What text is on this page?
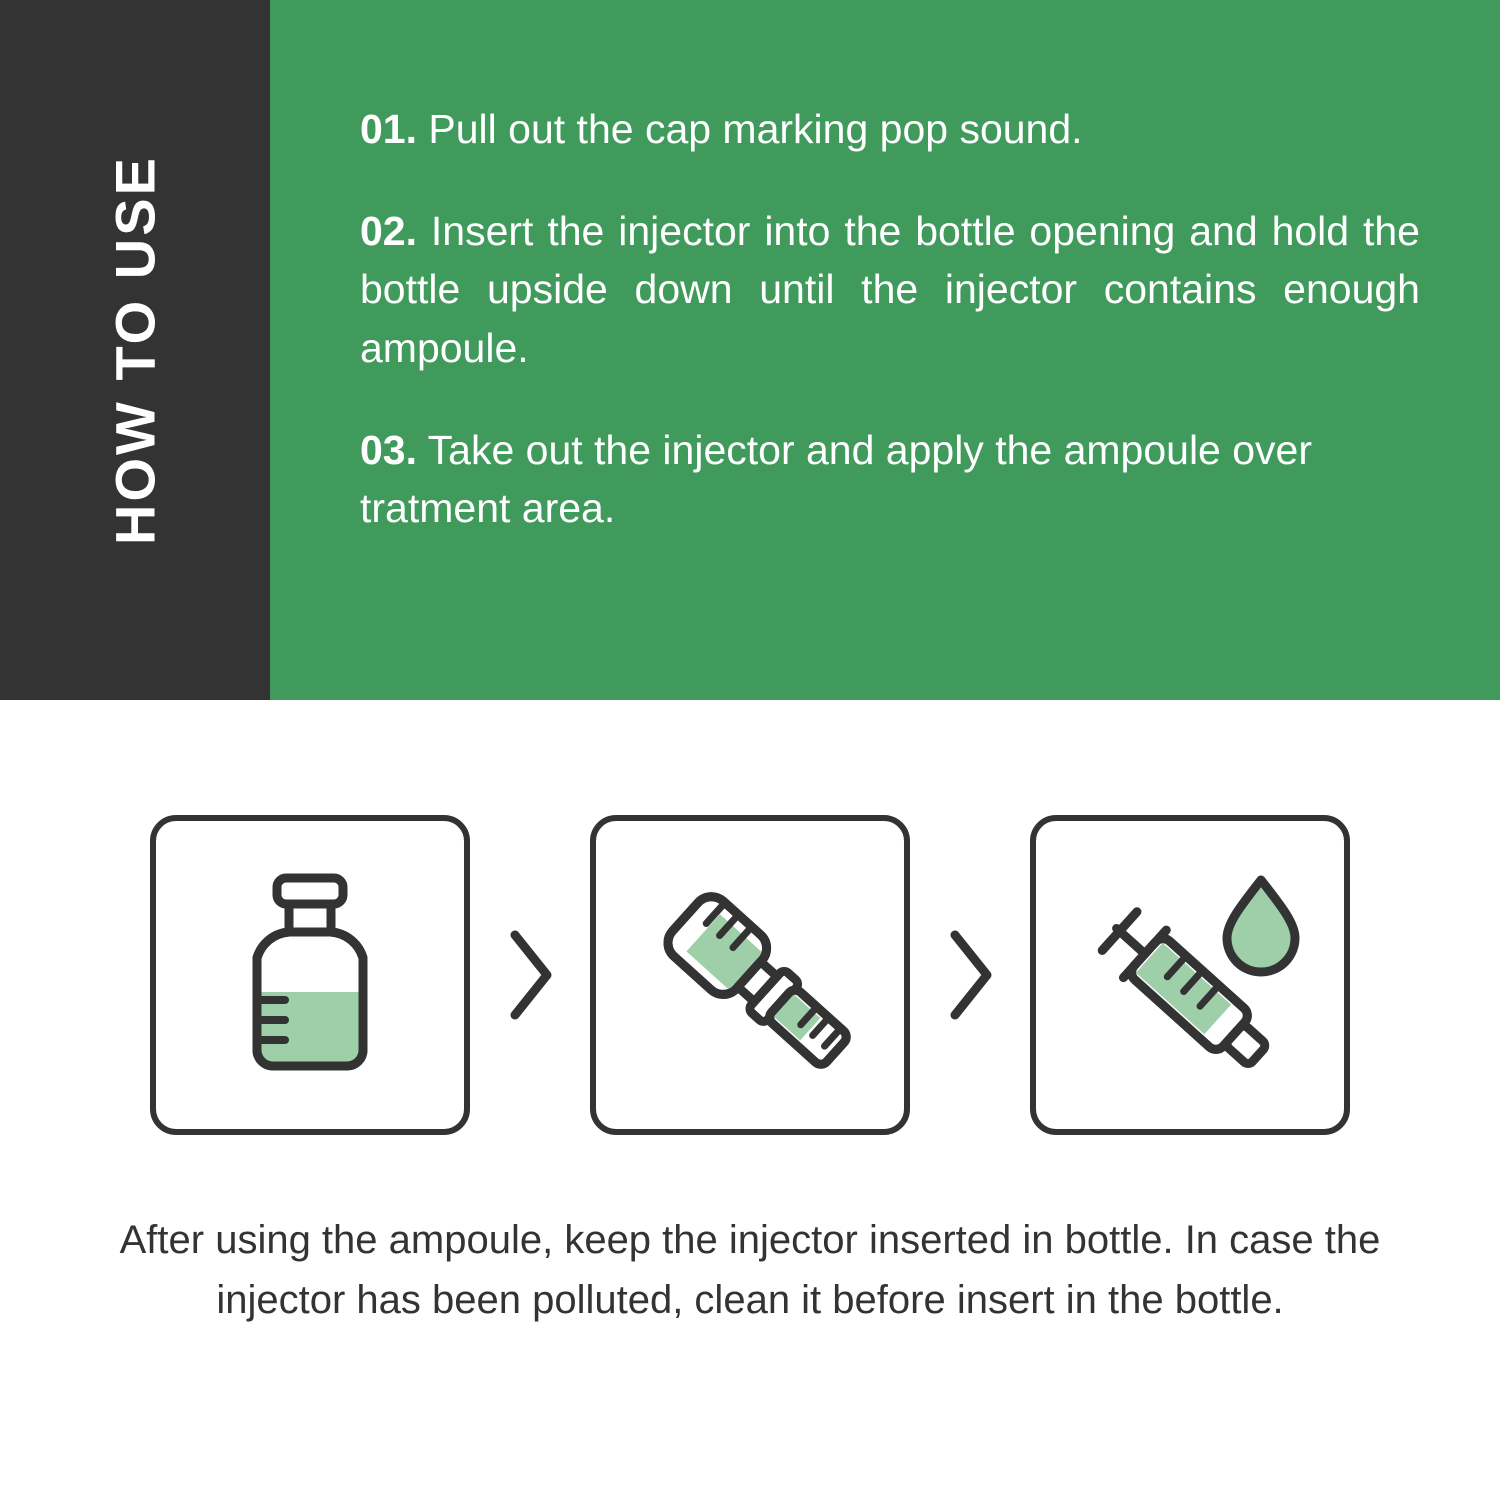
HOW TO USE
01. Pull out the cap marking pop sound.
02. Insert the injector into the bottle opening and hold the bottle upside down until the injector contains enough ampoule.
03. Take out the injector and apply the ampoule over tratment area.
After using the ampoule, keep the injector inserted in bottle. In case the injector has been polluted, clean it before insert in the bottle.
